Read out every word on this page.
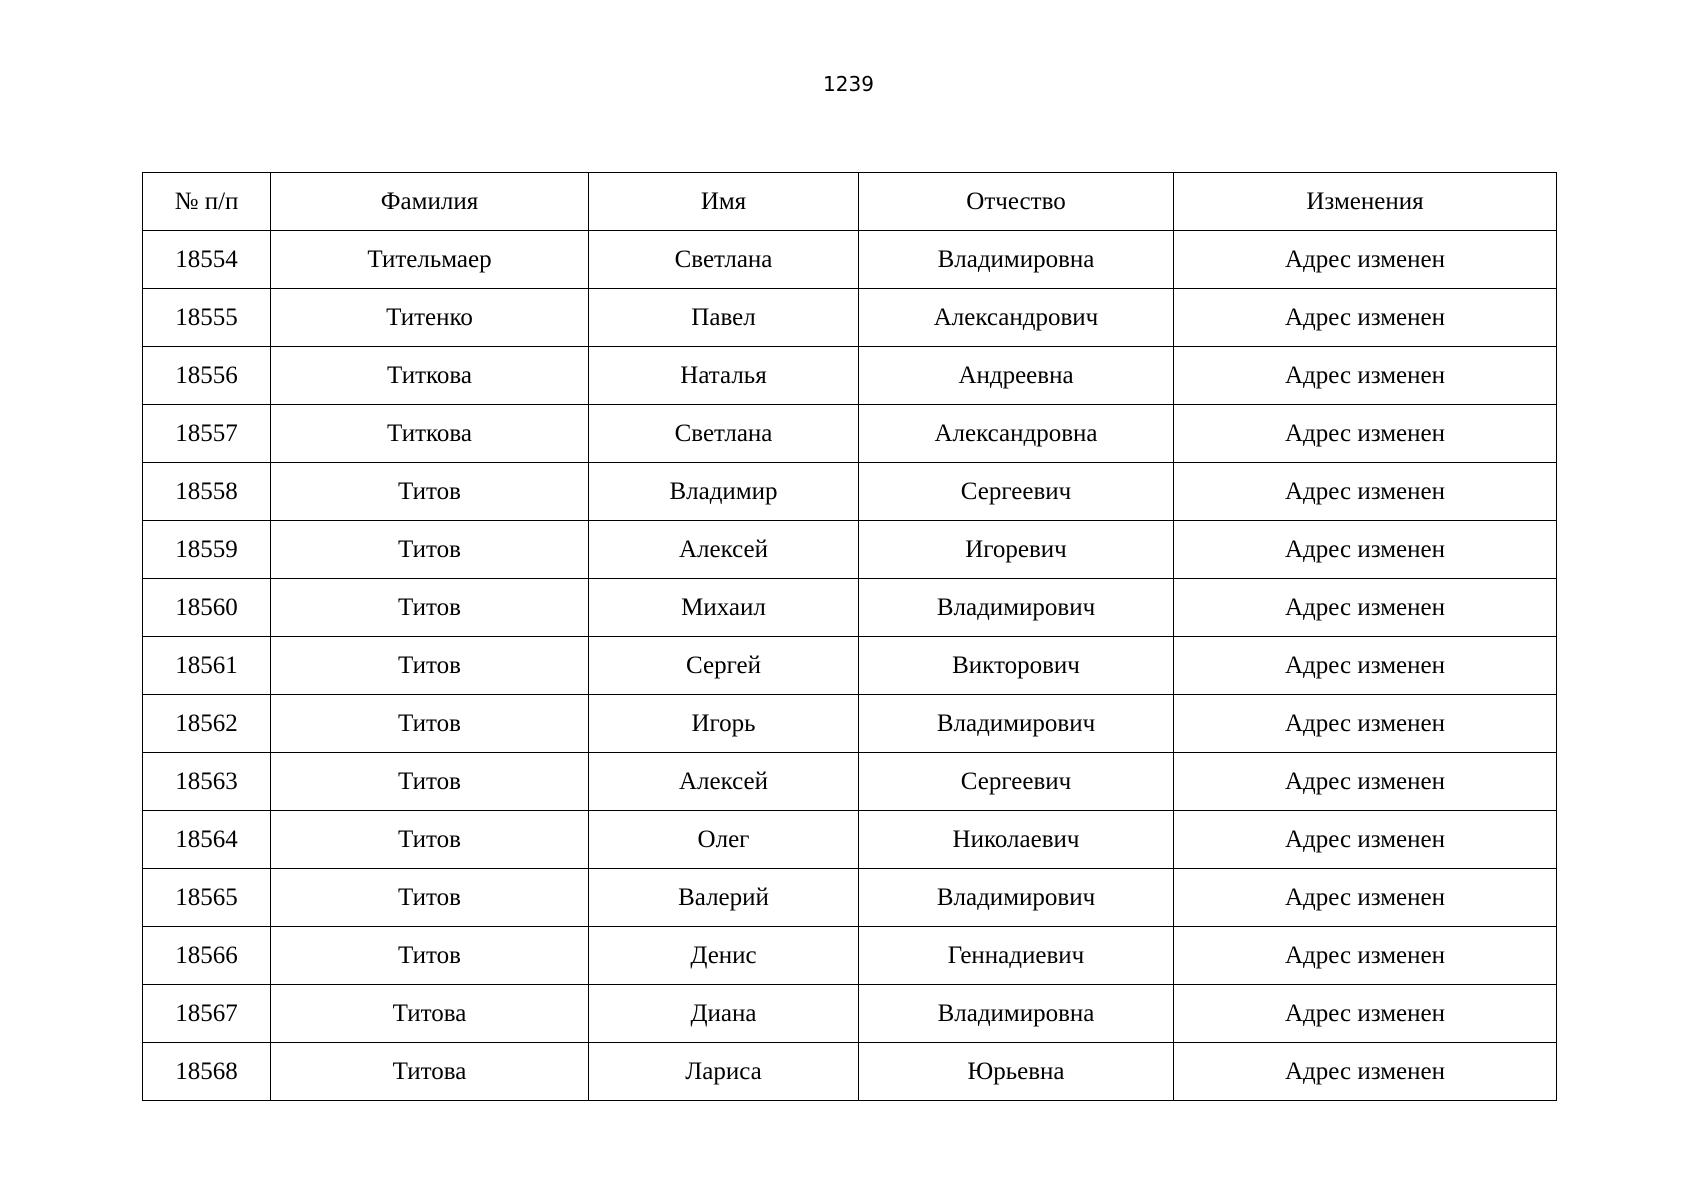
1239
№ п/п	Фамилия	Имя	Отчество	Изменения
18554	Тительмаер	Светлана	Владимировна	Адрес изменен
18555	Титенко	Павел	Александрович	Адрес изменен
18556	Титкова	Наталья	Андреевна	Адрес изменен
18557	Титкова	Светлана	Александровна	Адрес изменен
18558	Титов	Владимир	Сергеевич	Адрес изменен
18559	Титов	Алексей	Игоревич	Адрес изменен
18560	Титов	Михаил	Владимирович	Адрес изменен
18561	Титов	Сергей	Викторович	Адрес изменен
18562	Титов	Игорь	Владимирович	Адрес изменен
18563	Титов	Алексей	Сергеевич	Адрес изменен
18564	Титов	Олег	Николаевич	Адрес изменен
18565	Титов	Валерий	Владимирович	Адрес изменен
18566	Титов	Денис	Геннадиевич	Адрес изменен
18567	Титова	Диана	Владимировна	Адрес изменен
18568	Титова	Лариса	Юрьевна	Адрес изменен
